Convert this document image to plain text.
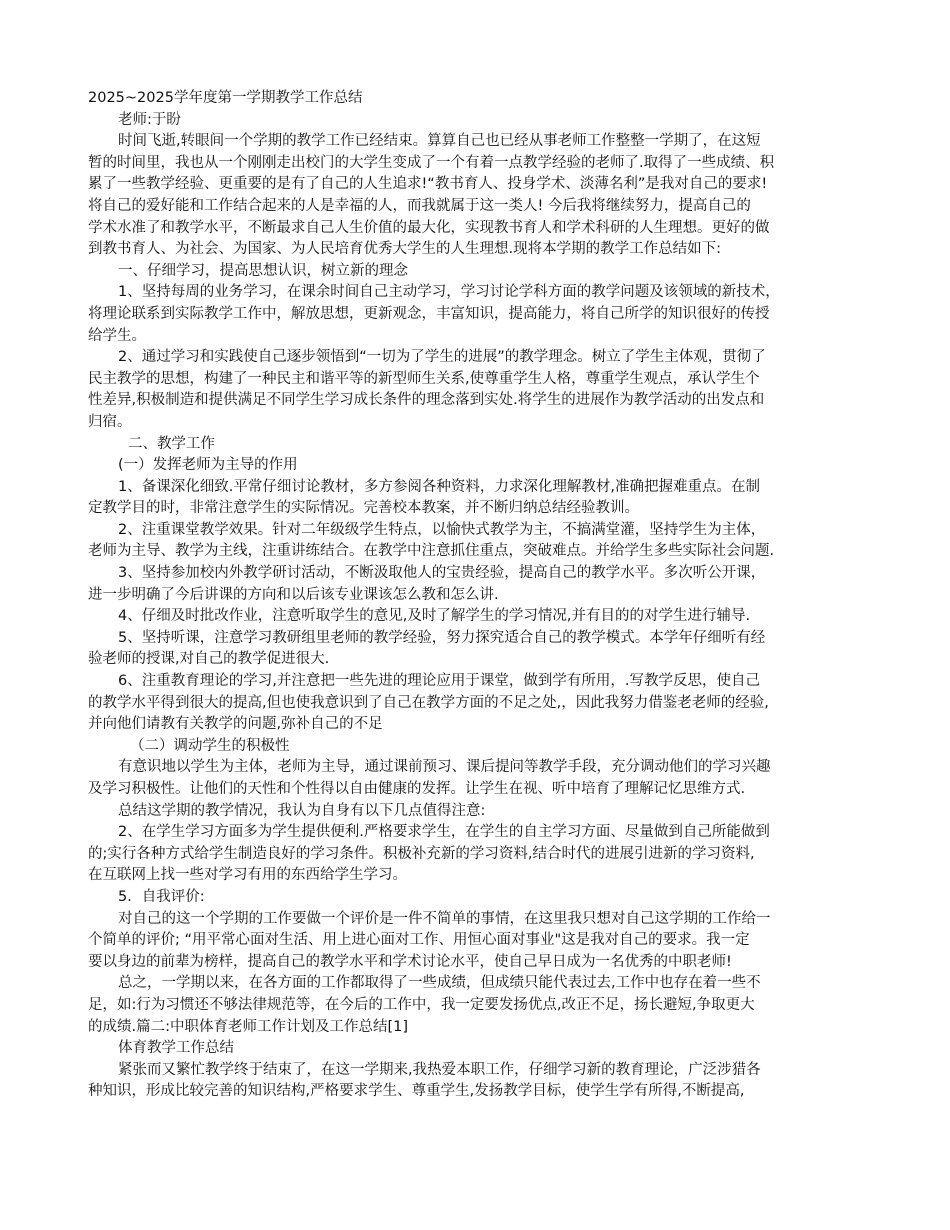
2025~2025学年度第一学期教学工作总结
老师:于盼
时间飞逝,转眼间一个学期的教学工作已经结束。算算自己也已经从事老师工作整整一学期了，在这短
暂的时间里，我也从一个刚刚走出校门的大学生变成了一个有着一点教学经验的老师了.取得了一些成绩、积
累了一些教学经验、更重要的是有了自己的人生追求!“教书育人、投身学术、淡薄名利”是我对自己的要求!
将自己的爱好能和工作结合起来的人是幸福的人，而我就属于这一类人! 今后我将继续努力，提高自己的
学术水准了和教学水平，不断最求自己人生价值的最大化，实现教书育人和学术科研的人生理想。更好的做
到教书育人、为社会、为国家、为人民培育优秀大学生的人生理想.现将本学期的教学工作总结如下:
一、仔细学习，提高思想认识，树立新的理念
1、坚持每周的业务学习，在课余时间自己主动学习，学习讨论学科方面的教学问题及该领域的新技术，
将理论联系到实际教学工作中，解放思想，更新观念，丰富知识，提高能力，将自己所学的知识很好的传授
给学生。
2、通过学习和实践使自己逐步领悟到“一切为了学生的进展”的教学理念。树立了学生主体观，贯彻了
民主教学的思想，构建了一种民主和谐平等的新型师生关系,使尊重学生人格，尊重学生观点，承认学生个
性差异,积极制造和提供满足不同学生学习成长条件的理念落到实处.将学生的进展作为教学活动的出发点和
归宿。
二、教学工作
(一）发挥老师为主导的作用
1、备课深化细致.平常仔细讨论教材，多方参阅各种资料，力求深化理解教材,准确把握难重点。在制
定教学目的时，非常注意学生的实际情况。完善校本教案，并不断归纳总结经验教训。
2、注重课堂教学效果。针对二年级级学生特点，以愉快式教学为主，不搞满堂灌，坚持学生为主体，
老师为主导、教学为主线，注重讲练结合。在教学中注意抓住重点，突破难点。并给学生多些实际社会问题.
3、坚持参加校内外教学研讨活动，不断汲取他人的宝贵经验，提高自己的教学水平。多次听公开课，
进一步明确了今后讲课的方向和以后该专业课该怎么教和怎么讲.
4、仔细及时批改作业，注意听取学生的意见,及时了解学生的学习情况,并有目的的对学生进行辅导.
5、坚持听课，注意学习教研组里老师的教学经验，努力探究适合自己的教学模式。本学年仔细听有经
验老师的授课,对自己的教学促进很大.
6、注重教育理论的学习,并注意把一些先进的理论应用于课堂，做到学有所用，.写教学反思，使自己
的教学水平得到很大的提高,但也使我意识到了自己在教学方面的不足之处,，因此我努力借鉴老老师的经验,
并向他们请教有关教学的问题,弥补自己的不足
（二）调动学生的积极性
有意识地以学生为主体，老师为主导，通过课前预习、课后提问等教学手段，充分调动他们的学习兴趣
及学习积极性。让他们的天性和个性得以自由健康的发挥。让学生在视、听中培育了理解记忆思维方式.
总结这学期的教学情况，我认为自身有以下几点值得注意:
2、在学生学习方面多为学生提供便利.严格要求学生，在学生的自主学习方面、尽量做到自己所能做到
的;实行各种方式给学生制造良好的学习条件。积极补充新的学习资料,结合时代的进展引进新的学习资料,
在互联网上找一些对学习有用的东西给学生学习。
5．自我评价:
对自己的这一个学期的工作要做一个评价是一件不简单的事情，在这里我只想对自己这学期的工作给一
个简单的评价; “用平常心面对生活、用上进心面对工作、用恒心面对事业"这是我对自己的要求。我一定
要以身边的前辈为榜样，提高自己的教学水平和学术讨论水平，使自己早日成为一名优秀的中职老师!
总之，一学期以来，在各方面的工作都取得了一些成绩，但成绩只能代表过去,工作中也存在着一些不
足，如:行为习惯还不够法律规范等，在今后的工作中，我一定要发扬优点,改正不足，扬长避短,争取更大
的成绩.篇二:中职体育老师工作计划及工作总结[1]
体育教学工作总结
紧张而又繁忙教学终于结束了，在这一学期来,我热爱本职工作，仔细学习新的教育理论，广泛涉猎各
种知识，形成比较完善的知识结构,严格要求学生、尊重学生,发扬教学目标，使学生学有所得,不断提高,
